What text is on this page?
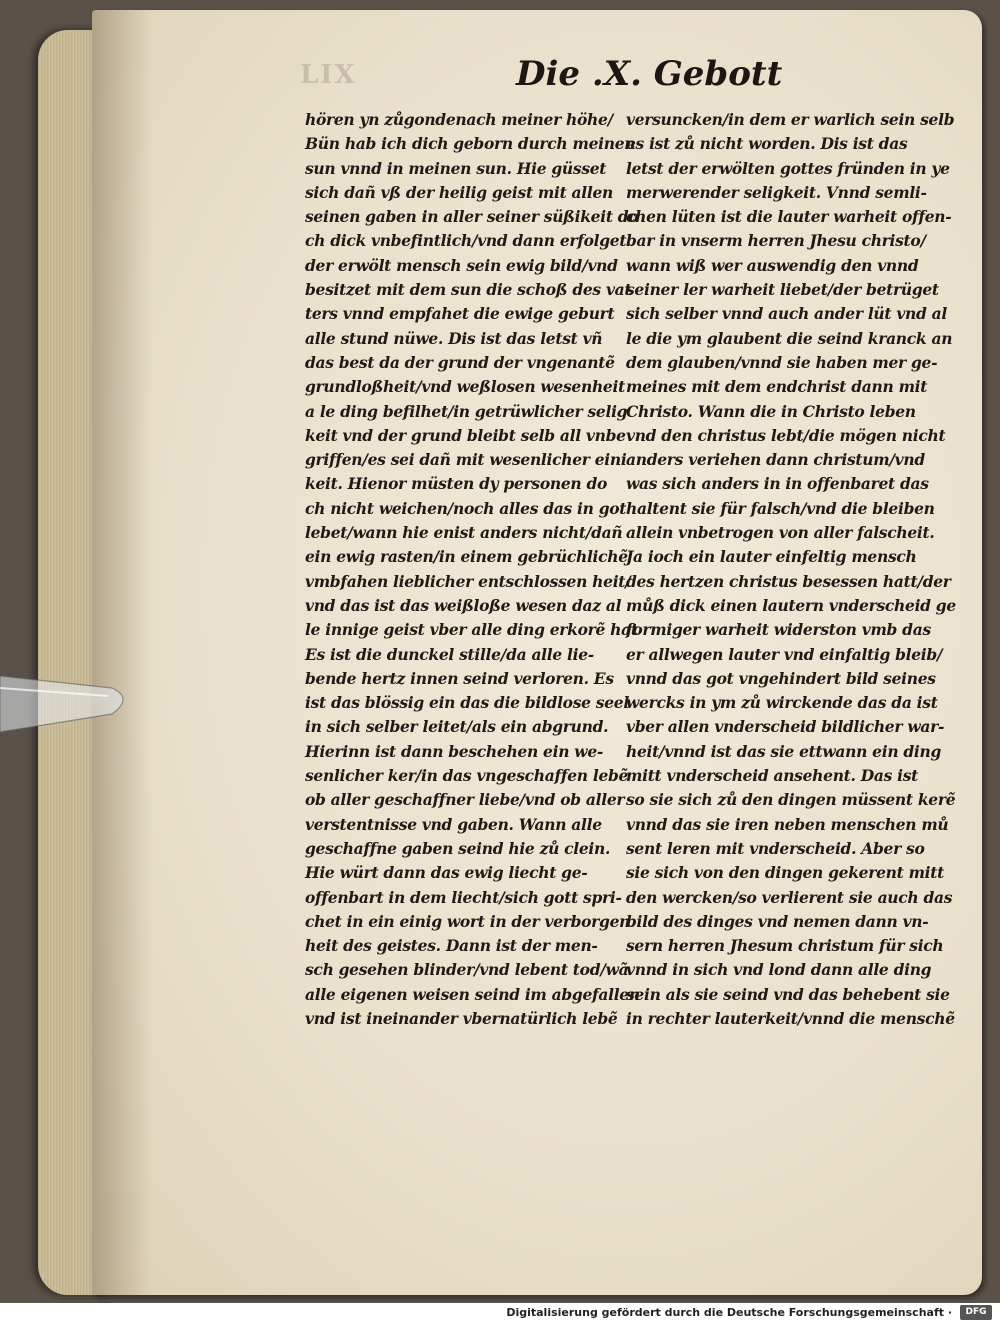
LIX	Die .X. Gebott
hören yn zůgondenach meiner höhe/
Bün hab ich dich geborn durch meinen
sun vnnd in meinen sun. Hie güsset
sich dañ vß der heilig geist mit allen
seinen gaben in aller seiner süßikeit do
ch dick vnbefintlich/vnd dann erfolget
der erwölt mensch sein ewig bild/vnd
besitzet mit dem sun die schoß des vat
ters vnnd empfahet die ewige geburt
alle stund nüwe. Dis ist das letst vñ
das best da der grund der vngenantẽ
grundloßheit/vnd weßlosen wesenheit
a le ding befilhet/in getrüwlicher selig
keit vnd der grund bleibt selb all vnbe
griffen/es sei dañ mit wesenlicher eini
keit. Hienor müsten dy personen do
ch nicht weichen/noch alles das in got
lebet/wann hie enist anders nicht/dañ
ein ewig rasten/in einem gebrüchlichẽ
vmbfahen lieblicher entschlossen heit/
vnd das ist das weißloße wesen daz al
le innige geist vber alle ding erkorẽ hat
Es ist die dunckel stille/da alle lie-
bende hertz innen seind verloren. Es
ist das blössig ein das die bildlose seel
in sich selber leitet/als ein abgrund.
Hierinn ist dann beschehen ein we-
senlicher ker/in das vngeschaffen lebẽ
ob aller geschaffner liebe/vnd ob aller
verstentnisse vnd gaben. Wann alle
geschaffne gaben seind hie zů clein.
Hie würt dann das ewig liecht ge-
offenbart in dem liecht/sich gott spri-
chet in ein einig wort in der verborgen
heit des geistes. Dann ist der men-
sch gesehen blinder/vnd lebent tod/wã
alle eigenen weisen seind im abgefallen
vnd ist ineinander vbernatürlich lebẽ
versuncken/in dem er warlich sein selb
es ist zů nicht worden. Dis ist das
letst der erwölten gottes fründen in ye
merwerender seligkeit. Vnnd semli-
chen lüten ist die lauter warheit offen-
bar in vnserm herren Jhesu christo/
wann wiß wer auswendig den vnnd
seiner ler warheit liebet/der betrüget
sich selber vnnd auch ander lüt vnd al
le die ym glaubent die seind kranck an
dem glauben/vnnd sie haben mer ge-
meines mit dem endchrist dann mit
Christo. Wann die in Christo leben
vnd den christus lebt/die mögen nicht
anders veriehen dann christum/vnd
was sich anders in in offenbaret das
haltent sie für falsch/vnd die bleiben
allein vnbetrogen von aller falscheit.
Ja ioch ein lauter einfeltig mensch
des hertzen christus besessen hatt/der
můß dick einen lautern vnderscheid ge
formiger warheit widerston vmb das
er allwegen lauter vnd einfaltig bleib/
vnnd das got vngehindert bild seines
wercks in ym zů wirckende das da ist
vber allen vnderscheid bildlicher war-
heit/vnnd ist das sie ettwann ein ding
mitt vnderscheid ansehent. Das ist
so sie sich zů den dingen müssent kerẽ
vnnd das sie iren neben menschen mů
sent leren mit vnderscheid. Aber so
sie sich von den dingen gekerent mitt
den wercken/so verlierent sie auch das
bild des dinges vnd nemen dann vn-
sern herren Jhesum christum für sich
vnnd in sich vnd lond dann alle ding
sein als sie seind vnd das behebent sie
in rechter lauterkeit/vnnd die menschẽ
Digitalisierung gefördert durch die Deutsche Forschungsgemeinschaft ·	DFG
